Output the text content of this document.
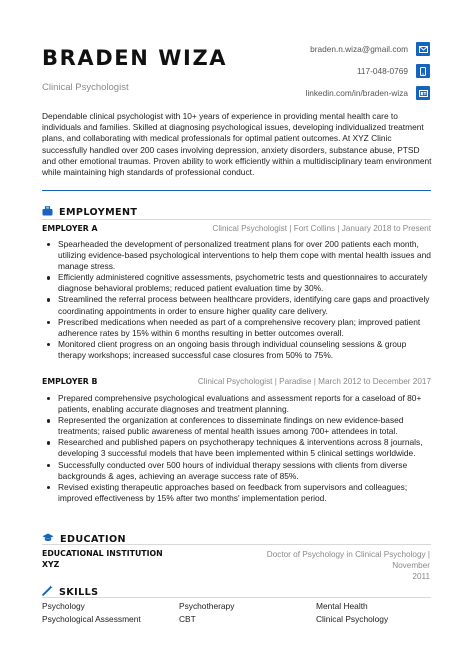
BRADEN WIZA
Clinical Psychologist
braden.n.wiza@gmail.com
117-048-0769
linkedin.com/in/braden-wiza

Dependable clinical psychologist with 10+ years of experience in providing mental health care to individuals and families. Skilled at diagnosing psychological issues, developing individualized treatment plans, and collaborating with medical professionals for optimal patient outcomes. At XYZ Clinic successfully handled over 200 cases involving depression, anxiety disorders, substance abuse, PTSD and other emotional traumas. Proven ability to work efficiently within a multidisciplinary team environment while maintaining high standards of professional conduct.

EMPLOYMENT
EMPLOYER A	Clinical Psychologist | Fort Collins | January 2018 to Present
Spearheaded the development of personalized treatment plans for over 200 patients each month, utilizing evidence-based psychological interventions to help them cope with mental health issues and manage stress.
Efficiently administered cognitive assessments, psychometric tests and questionnaires to accurately diagnose behavioral problems; reduced patient evaluation time by 30%.
Streamlined the referral process between healthcare providers, identifying care gaps and proactively coordinating appointments in order to ensure higher quality care delivery.
Prescribed medications when needed as part of a comprehensive recovery plan; improved patient adherence rates by 15% within 6 months resulting in better outcomes overall.
Monitored client progress on an ongoing basis through individual counseling sessions & group therapy workshops; increased successful case closures from 50% to 75%.
EMPLOYER B	Clinical Psychologist | Paradise | March 2012 to December 2017
Prepared comprehensive psychological evaluations and assessment reports for a caseload of 80+ patients, enabling accurate diagnoses and treatment planning.
Represented the organization at conferences to disseminate findings on new evidence-based treatments; raised public awareness of mental health issues among 700+ attendees in total.
Researched and published papers on psychotherapy techniques & interventions across 8 journals, developing 3 successful models that have been implemented within 5 clinical settings worldwide.
Successfully conducted over 500 hours of individual therapy sessions with clients from diverse backgrounds & ages, achieving an average success rate of 85%.
Revised existing therapeutic approaches based on feedback from supervisors and colleagues; improved effectiveness by 15% after two months' implementation period.
EDUCATION
EDUCATIONAL INSTITUTION
XYZ
Doctor of Psychology in Clinical Psychology | November
2011
SKILLS
Psychology	Psychotherapy	Mental Health
Psychological Assessment	CBT	Clinical Psychology
